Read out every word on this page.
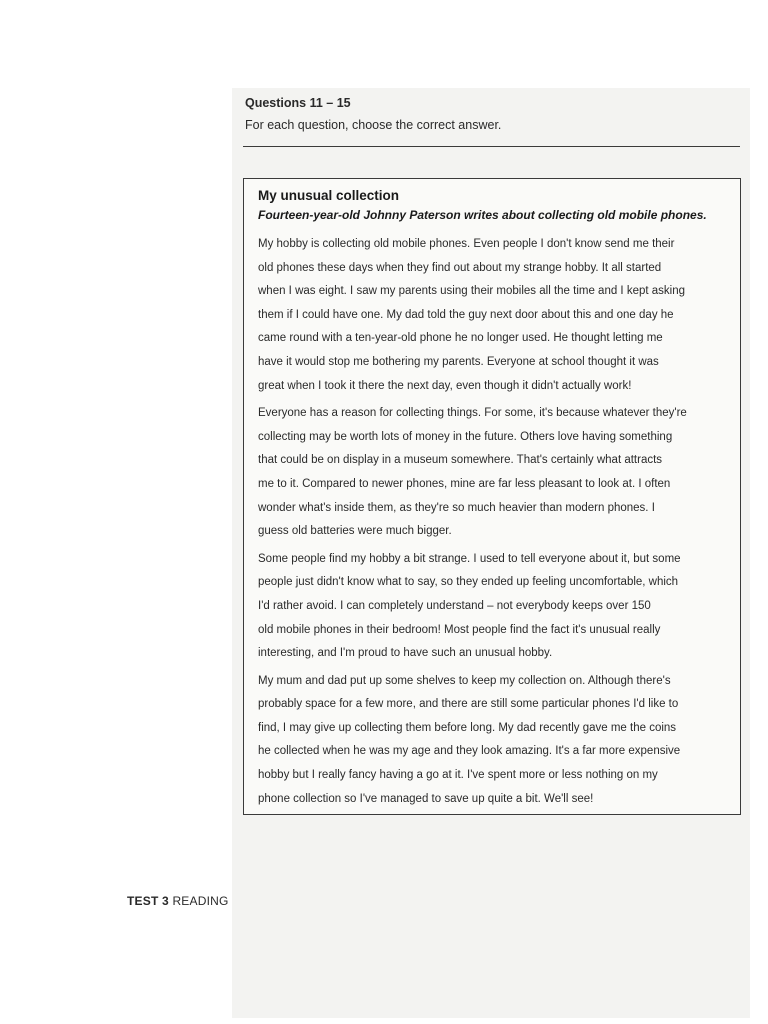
Questions 11 – 15
For each question, choose the correct answer.
My unusual collection
Fourteen-year-old Johnny Paterson writes about collecting old mobile phones.
My hobby is collecting old mobile phones. Even people I don't know send me their
old phones these days when they find out about my strange hobby. It all started
when I was eight. I saw my parents using their mobiles all the time and I kept asking
them if I could have one. My dad told the guy next door about this and one day he
came round with a ten-year-old phone he no longer used. He thought letting me
have it would stop me bothering my parents. Everyone at school thought it was
great when I took it there the next day, even though it didn't actually work!
Everyone has a reason for collecting things. For some, it's because whatever they're
collecting may be worth lots of money in the future. Others love having something
that could be on display in a museum somewhere. That's certainly what attracts
me to it. Compared to newer phones, mine are far less pleasant to look at. I often
wonder what's inside them, as they're so much heavier than modern phones. I
guess old batteries were much bigger.
Some people find my hobby a bit strange. I used to tell everyone about it, but some
people just didn't know what to say, so they ended up feeling uncomfortable, which
I'd rather avoid. I can completely understand – not everybody keeps over 150
old mobile phones in their bedroom! Most people find the fact it's unusual really
interesting, and I'm proud to have such an unusual hobby.
My mum and dad put up some shelves to keep my collection on. Although there's
probably space for a few more, and there are still some particular phones I'd like to
find, I may give up collecting them before long. My dad recently gave me the coins
he collected when he was my age and they look amazing. It's a far more expensive
hobby but I really fancy having a go at it. I've spent more or less nothing on my
phone collection so I've managed to save up quite a bit. We'll see!
TEST 3 READING
